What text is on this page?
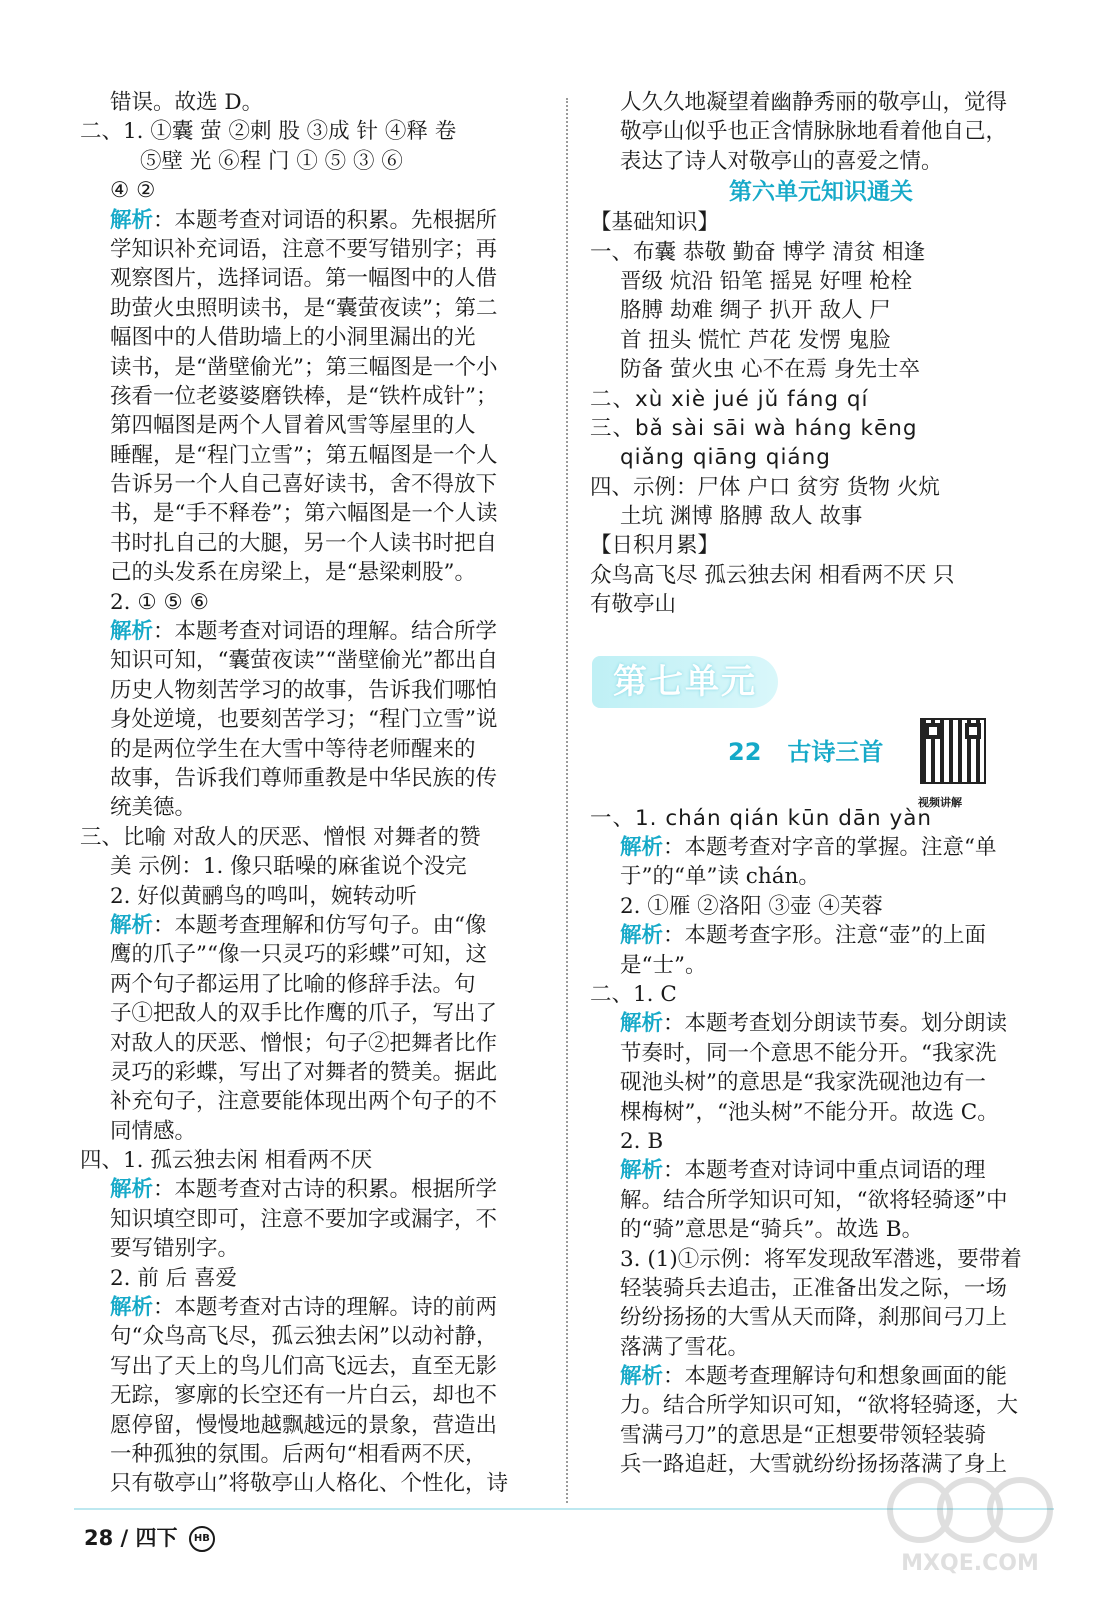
错误。故选 D。
二、1. ①囊 萤 ②刺 股 ③成 针 ④释 卷
⑤壁 光 ⑥程 门 ① ⑤ ③ ⑥
④ ②
解析：本题考查对词语的积累。先根据所
学知识补充词语，注意不要写错别字；再
观察图片，选择词语。第一幅图中的人借
助萤火虫照明读书，是“囊萤夜读”；第二
幅图中的人借助墙上的小洞里漏出的光
读书，是“凿壁偷光”；第三幅图是一个小
孩看一位老婆婆磨铁棒，是“铁杵成针”；
第四幅图是两个人冒着风雪等屋里的人
睡醒，是“程门立雪”；第五幅图是一个人
告诉另一个人自己喜好读书，舍不得放下
书，是“手不释卷”；第六幅图是一个人读
书时扎自己的大腿，另一个人读书时把自
己的头发系在房梁上，是“悬梁刺股”。
2. ① ⑤ ⑥
解析：本题考查对词语的理解。结合所学
知识可知，“囊萤夜读”“凿壁偷光”都出自
历史人物刻苦学习的故事，告诉我们哪怕
身处逆境，也要刻苦学习；“程门立雪”说
的是两位学生在大雪中等待老师醒来的
故事，告诉我们尊师重教是中华民族的传
统美德。
三、比喻 对敌人的厌恶、憎恨 对舞者的赞
美 示例：1. 像只聒噪的麻雀说个没完
2. 好似黄鹂鸟的鸣叫，婉转动听
解析：本题考查理解和仿写句子。由“像
鹰的爪子”“像一只灵巧的彩蝶”可知，这
两个句子都运用了比喻的修辞手法。句
子①把敌人的双手比作鹰的爪子，写出了
对敌人的厌恶、憎恨；句子②把舞者比作
灵巧的彩蝶，写出了对舞者的赞美。据此
补充句子，注意要能体现出两个句子的不
同情感。
四、1. 孤云独去闲 相看两不厌
解析：本题考查对古诗的积累。根据所学
知识填空即可，注意不要加字或漏字，不
要写错别字。
2. 前 后 喜爱
解析：本题考查对古诗的理解。诗的前两
句“众鸟高飞尽，孤云独去闲”以动衬静，
写出了天上的鸟儿们高飞远去，直至无影
无踪，寥廓的长空还有一片白云，却也不
愿停留，慢慢地越飘越远的景象，营造出
一种孤独的氛围。后两句“相看两不厌，
只有敬亭山”将敬亭山人格化、个性化，诗
人久久地凝望着幽静秀丽的敬亭山，觉得
敬亭山似乎也正含情脉脉地看着他自己，
表达了诗人对敬亭山的喜爱之情。
第六单元知识通关
【基础知识】
一、布囊 恭敬 勤奋 博学 清贫 相逢
晋级 炕沿 铅笔 摇晃 好哩 枪栓
胳膊 劫难 绸子 扒开 敌人 尸
首 扭头 慌忙 芦花 发愣 鬼脸
防备 萤火虫 心不在焉 身先士卒
二、xù xiè jué jǔ fáng qí
三、bǎ sài sāi wà háng kēng
qiǎng qiāng qiáng
四、示例：尸体 户口 贫穷 货物 火炕
土坑 渊博 胳膊 敌人 故事
【日积月累】
众鸟高飞尽 孤云独去闲 相看两不厌 只
有敬亭山
第七单元
22 古诗三首
视频讲解
一、1. chán qián kūn dān yàn
解析：本题考查对字音的掌握。注意“单
于”的“单”读 chán。
2. ①雁 ②洛阳 ③壶 ④芙蓉
解析：本题考查字形。注意“壶”的上面
是“士”。
二、1. C
解析：本题考查划分朗读节奏。划分朗读
节奏时，同一个意思不能分开。“我家洗
砚池头树”的意思是“我家洗砚池边有一
棵梅树”，“池头树”不能分开。故选 C。
2. B
解析：本题考查对诗词中重点词语的理
解。结合所学知识可知，“欲将轻骑逐”中
的“骑”意思是“骑兵”。故选 B。
3. (1)①示例：将军发现敌军潜逃，要带着
轻装骑兵去追击，正准备出发之际，一场
纷纷扬扬的大雪从天而降，刹那间弓刀上
落满了雪花。
解析：本题考查理解诗句和想象画面的能
力。结合所学知识可知，“欲将轻骑逐，大
雪满弓刀”的意思是“正想要带领轻装骑
兵一路追赶，大雪就纷纷扬扬落满了身上
28 / 四下 HB
MXQE.COM
